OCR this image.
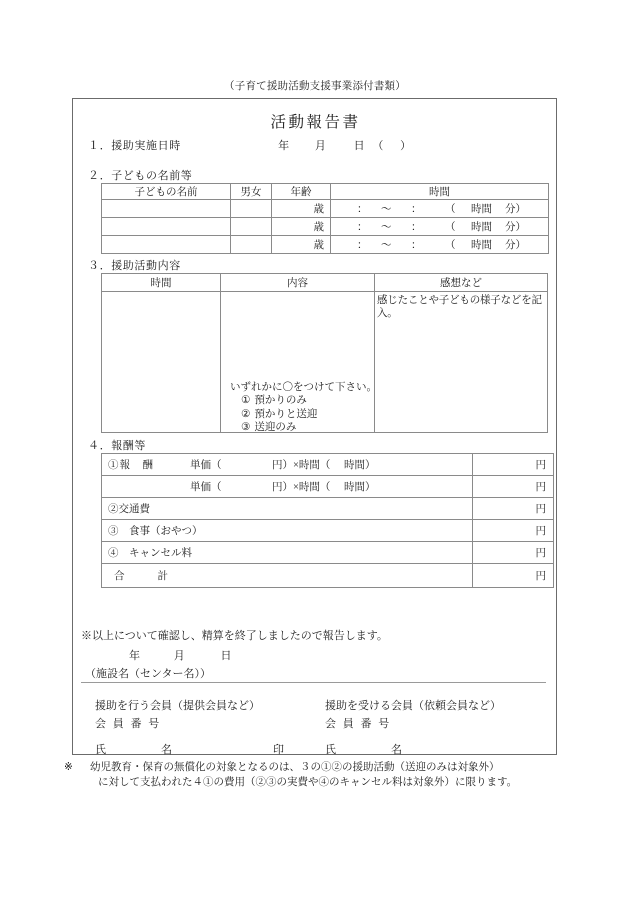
（子育て援助活動支援事業添付書類）
活動報告書
１．援助実施日時	年 月	日 （ ）
２．子どもの名前等
子どもの名前	男女	年齢	時間
		歳	：	〜	：	（	時間	分）

		歳	：	〜	：	（	時間	分）

		歳	：	〜	：	（	時間	分）
３．援助活動内容
時間	内容	感想など

	いずれかに〇をつけて下さい。
① 預かりのみ
② 預かりと送迎
③ 送迎のみ	感じたことや子どもの様子などを記入。
４．報酬等
①報　酬 単価（ 円）×時間（ 時間）	円

単価（ 円）×時間（ 時間）	円

②交通費	円

③　食事（おやつ）	円

④　キャンセル料	円

合　　計	円
※以上について確認し、精算を終了しましたので報告します。
年	月	日
（施設名（センター名））
援助を行う会員（提供会員など）
会 員 番 号
氏　　名	印
援助を受ける会員（依頼会員など）
会 員 番 号
氏　　名
※ 幼児教育・保育の無償化の対象となるのは、３の①②の援助活動（送迎のみは対象外）
に対して支払われた４①の費用（②③の実費や④のキャンセル料は対象外）に限ります。
